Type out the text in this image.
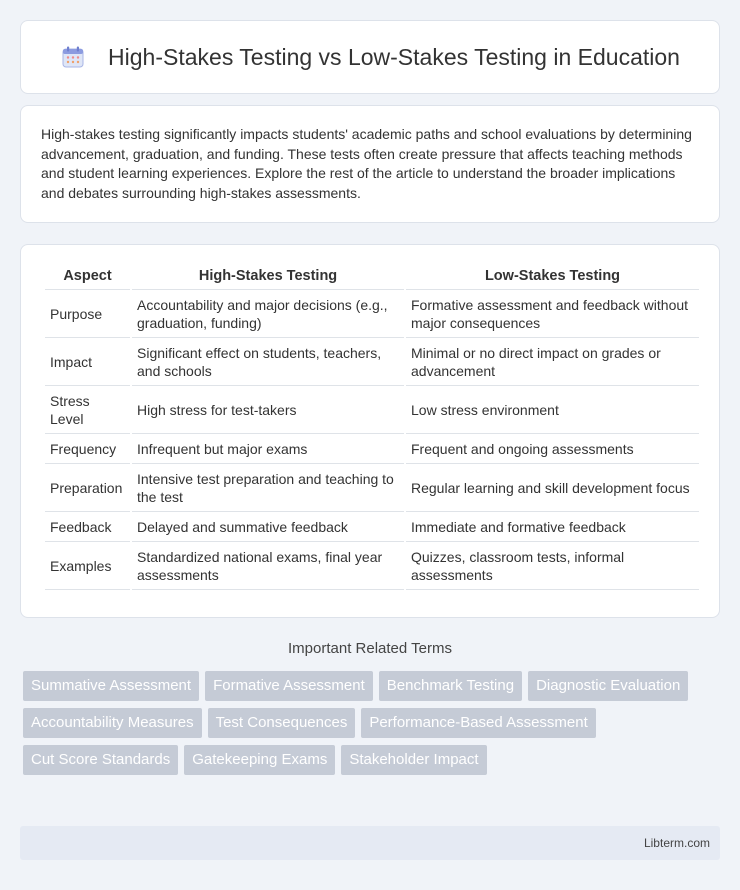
High-Stakes Testing vs Low-Stakes Testing in Education

High-stakes testing significantly impacts students' academic paths and school evaluations by determining advancement, graduation, and funding. These tests often create pressure that affects teaching methods and student learning experiences. Explore the rest of the article to understand the broader implications and debates surrounding high-stakes assessments.

Aspect	High-Stakes Testing	Low-Stakes Testing
Purpose	Accountability and major decisions (e.g., graduation, funding)	Formative assessment and feedback without major consequences
Impact	Significant effect on students, teachers, and schools	Minimal or no direct impact on grades or advancement
Stress Level	High stress for test-takers	Low stress environment
Frequency	Infrequent but major exams	Frequent and ongoing assessments
Preparation	Intensive test preparation and teaching to the test	Regular learning and skill development focus
Feedback	Delayed and summative feedback	Immediate and formative feedback
Examples	Standardized national exams, final year assessments	Quizzes, classroom tests, informal assessments
Important Related Terms
Summative Assessment	Formative Assessment	Benchmark Testing	Diagnostic Evaluation
Accountability Measures	Test Consequences	Performance-Based Assessment
Cut Score Standards	Gatekeeping Exams	Stakeholder Impact
Libterm.com
